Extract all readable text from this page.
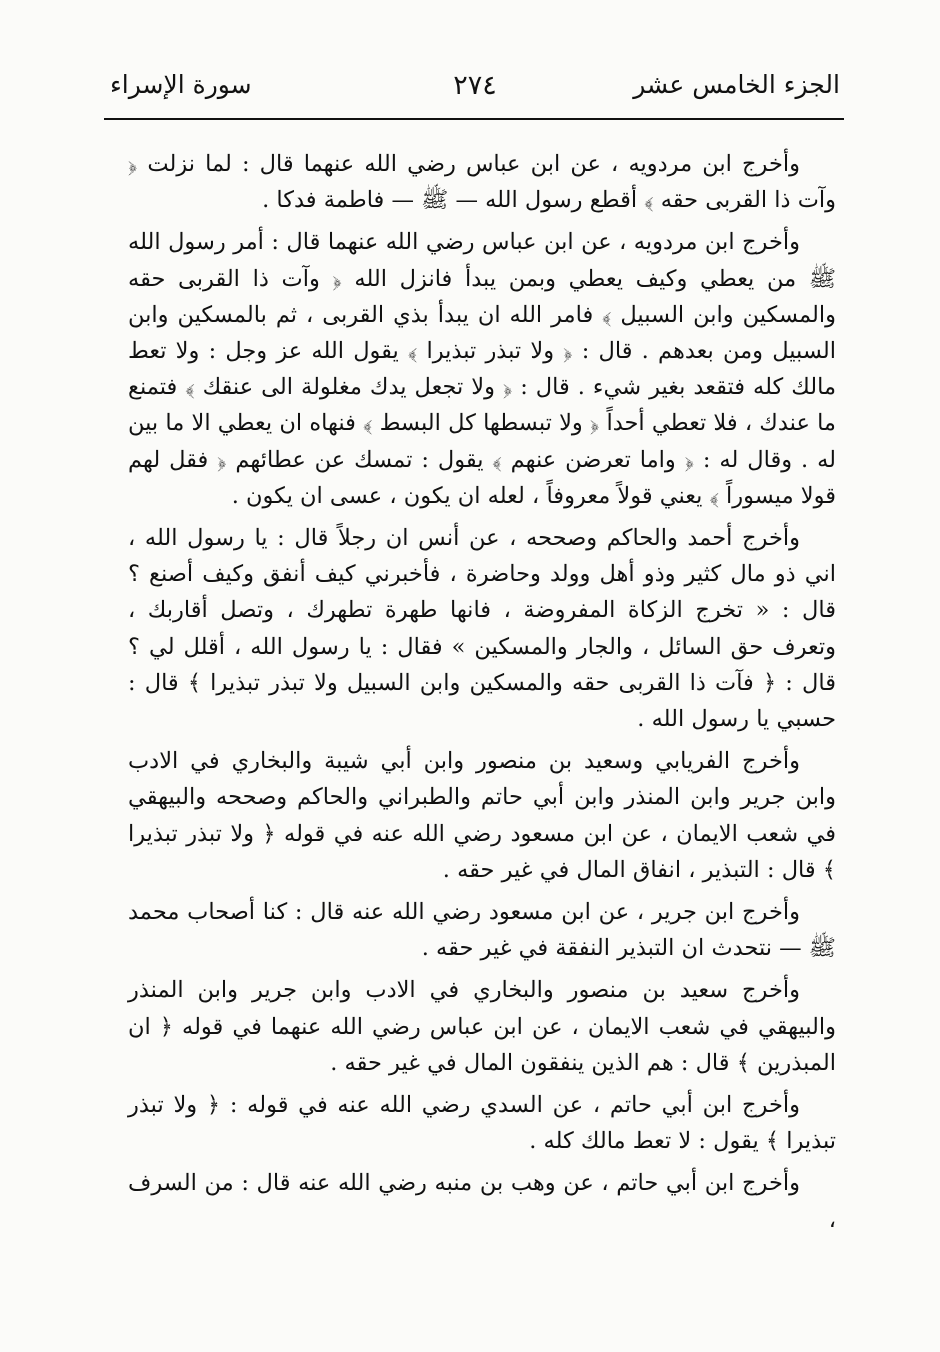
الجزء الخامس عشر
٢٧٤
سورة الإسراء

وأخرج ابن مردويه ، عن ابن عباس رضي الله عنهما قال : لما نزلت ﴿ وآت ذا القربى حقه ﴾ أقطع رسول الله — ﷺ — فاطمة فدكا .

وأخرج ابن مردويه ، عن ابن عباس رضي الله عنهما قال : أمر رسول الله ﷺ من يعطي وكيف يعطي وبمن يبدأ فانزل الله ﴿ وآت ذا القربى حقه والمسكين وابن السبيل ﴾ فامر الله ان يبدأ بذي القربى ، ثم بالمسكين وابن السبيل ومن بعدهم . قال : ﴿ ولا تبذر تبذيرا ﴾ يقول الله عز وجل : ولا تعط مالك كله فتقعد بغير شيء . قال : ﴿ ولا تجعل يدك مغلولة الى عنقك ﴾ فتمنع ما عندك ، فلا تعطي أحداً ﴿ ولا تبسطها كل البسط ﴾ فنهاه ان يعطي الا ما بين له . وقال له : ﴿ واما تعرضن عنهم ﴾ يقول : تمسك عن عطائهم ﴿ فقل لهم قولا ميسوراً ﴾ يعني قولاً معروفاً ، لعله ان يكون ، عسى ان يكون .

وأخرج أحمد والحاكم وصححه ، عن أنس ان رجلاً قال : يا رسول الله ، اني ذو مال كثير وذو أهل وولد وحاضرة ، فأخبرني كيف أنفق وكيف أصنع ؟ قال : « تخرج الزكاة المفروضة ، فانها طهرة تطهرك ، وتصل أقاربك ، وتعرف حق السائل ، والجار والمسكين » فقال : يا رسول الله ، أقلل لي ؟ قال : ﴿ فآت ذا القربى حقه والمسكين وابن السبيل ولا تبذر تبذيرا ﴾ قال : حسبي يا رسول الله .

وأخرج الفريابي وسعيد بن منصور وابن أبي شيبة والبخاري في الادب وابن جرير وابن المنذر وابن أبي حاتم والطبراني والحاكم وصححه والبيهقي في شعب الايمان ، عن ابن مسعود رضي الله عنه في قوله ﴿ ولا تبذر تبذيرا ﴾ قال : التبذير ، انفاق المال في غير حقه .

وأخرج ابن جرير ، عن ابن مسعود رضي الله عنه قال : كنا أصحاب محمد ﷺ — نتحدث ان التبذير النفقة في غير حقه .

وأخرج سعيد بن منصور والبخاري في الادب وابن جرير وابن المنذر والبيهقي في شعب الايمان ، عن ابن عباس رضي الله عنهما في قوله ﴿ ان المبذرين ﴾ قال : هم الذين ينفقون المال في غير حقه .

وأخرج ابن أبي حاتم ، عن السدي رضي الله عنه في قوله : ﴿ ولا تبذر تبذيرا ﴾ يقول : لا تعط مالك كله .

وأخرج ابن أبي حاتم ، عن وهب بن منبه رضي الله عنه قال : من السرف ،
